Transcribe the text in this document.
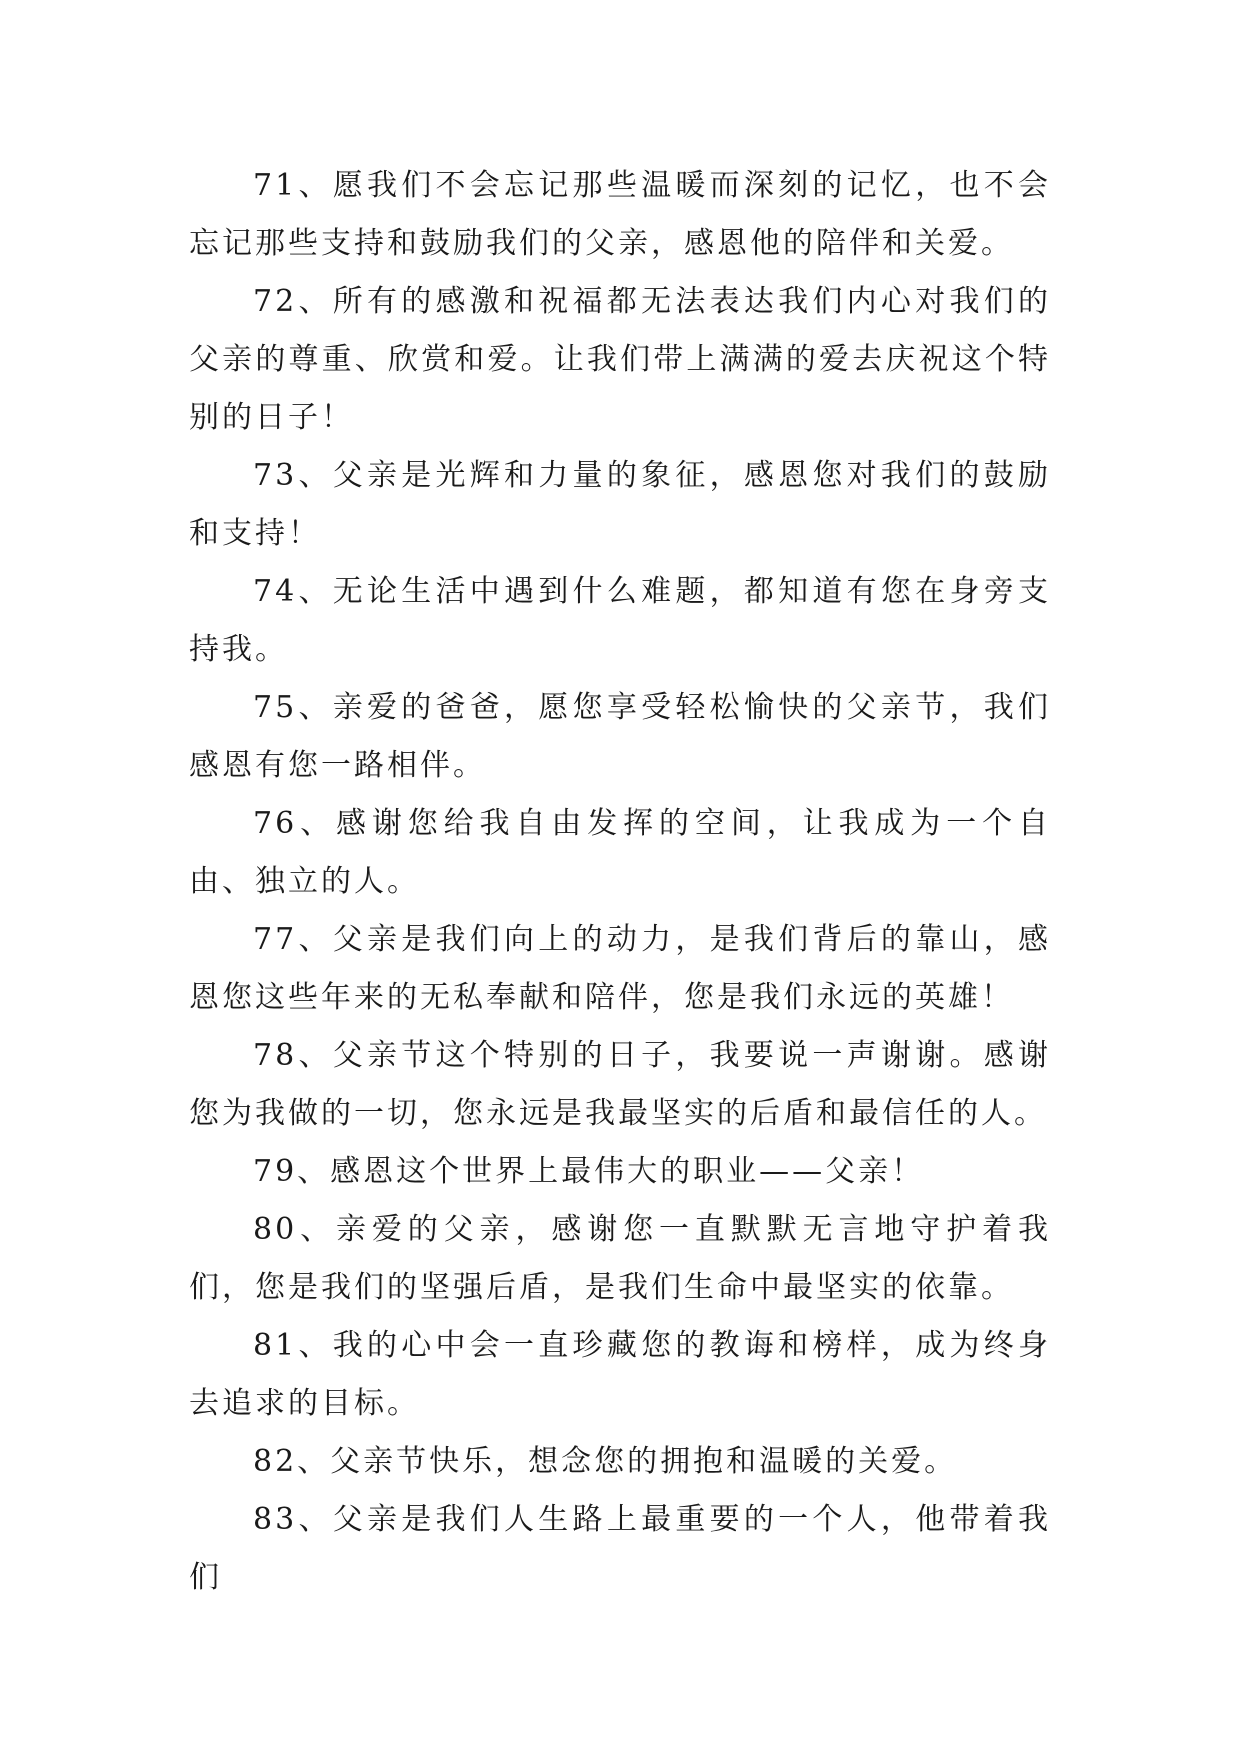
71、愿我们不会忘记那些温暖而深刻的记忆，也不会忘记那些支持和鼓励我们的父亲，感恩他的陪伴和关爱。

72、所有的感激和祝福都无法表达我们内心对我们的父亲的尊重、欣赏和爱。让我们带上满满的爱去庆祝这个特别的日子！

73、父亲是光辉和力量的象征，感恩您对我们的鼓励和支持！

74、无论生活中遇到什么难题，都知道有您在身旁支持我。

75、亲爱的爸爸，愿您享受轻松愉快的父亲节，我们感恩有您一路相伴。

76、感谢您给我自由发挥的空间，让我成为一个自由、独立的人。

77、父亲是我们向上的动力，是我们背后的靠山，感恩您这些年来的无私奉献和陪伴，您是我们永远的英雄！

78、父亲节这个特别的日子，我要说一声谢谢。感谢您为我做的一切，您永远是我最坚实的后盾和最信任的人。

79、感恩这个世界上最伟大的职业——父亲！

80、亲爱的父亲，感谢您一直默默无言地守护着我们，您是我们的坚强后盾，是我们生命中最坚实的依靠。

81、我的心中会一直珍藏您的教诲和榜样，成为终身去追求的目标。

82、父亲节快乐，想念您的拥抱和温暖的关爱。

83、父亲是我们人生路上最重要的一个人，他带着我们
